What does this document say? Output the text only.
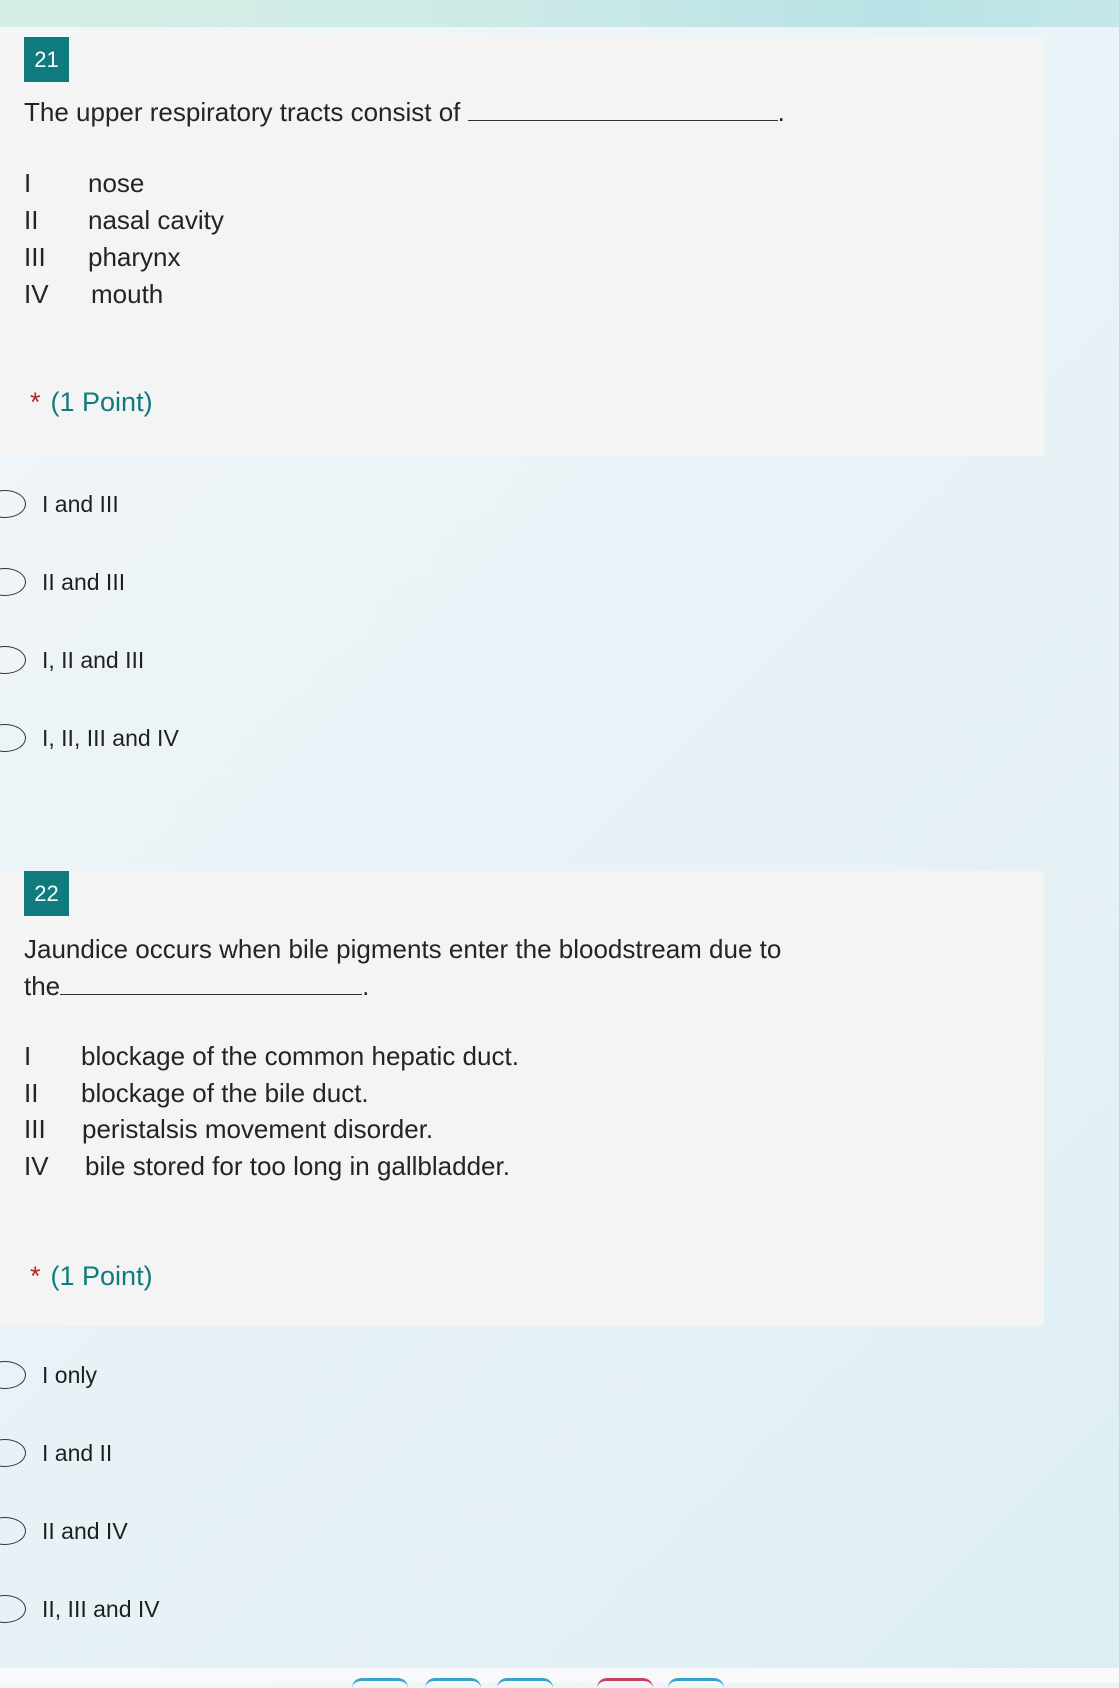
21
The upper respiratory tracts consist of	.
I	nose
II	nasal cavity
III	pharynx
IV	mouth
* (1 Point)
I and III
II and III
I, II and III
I, II, III and IV
22
Jaundice occurs when bile pigments enter the bloodstream due to
the	.
I	blockage of the common hepatic duct.
II	blockage of the bile duct.
III	peristalsis movement disorder.
IV	bile stored for too long in gallbladder.
* (1 Point)
I only
I and II
II and IV
II, III and IV
